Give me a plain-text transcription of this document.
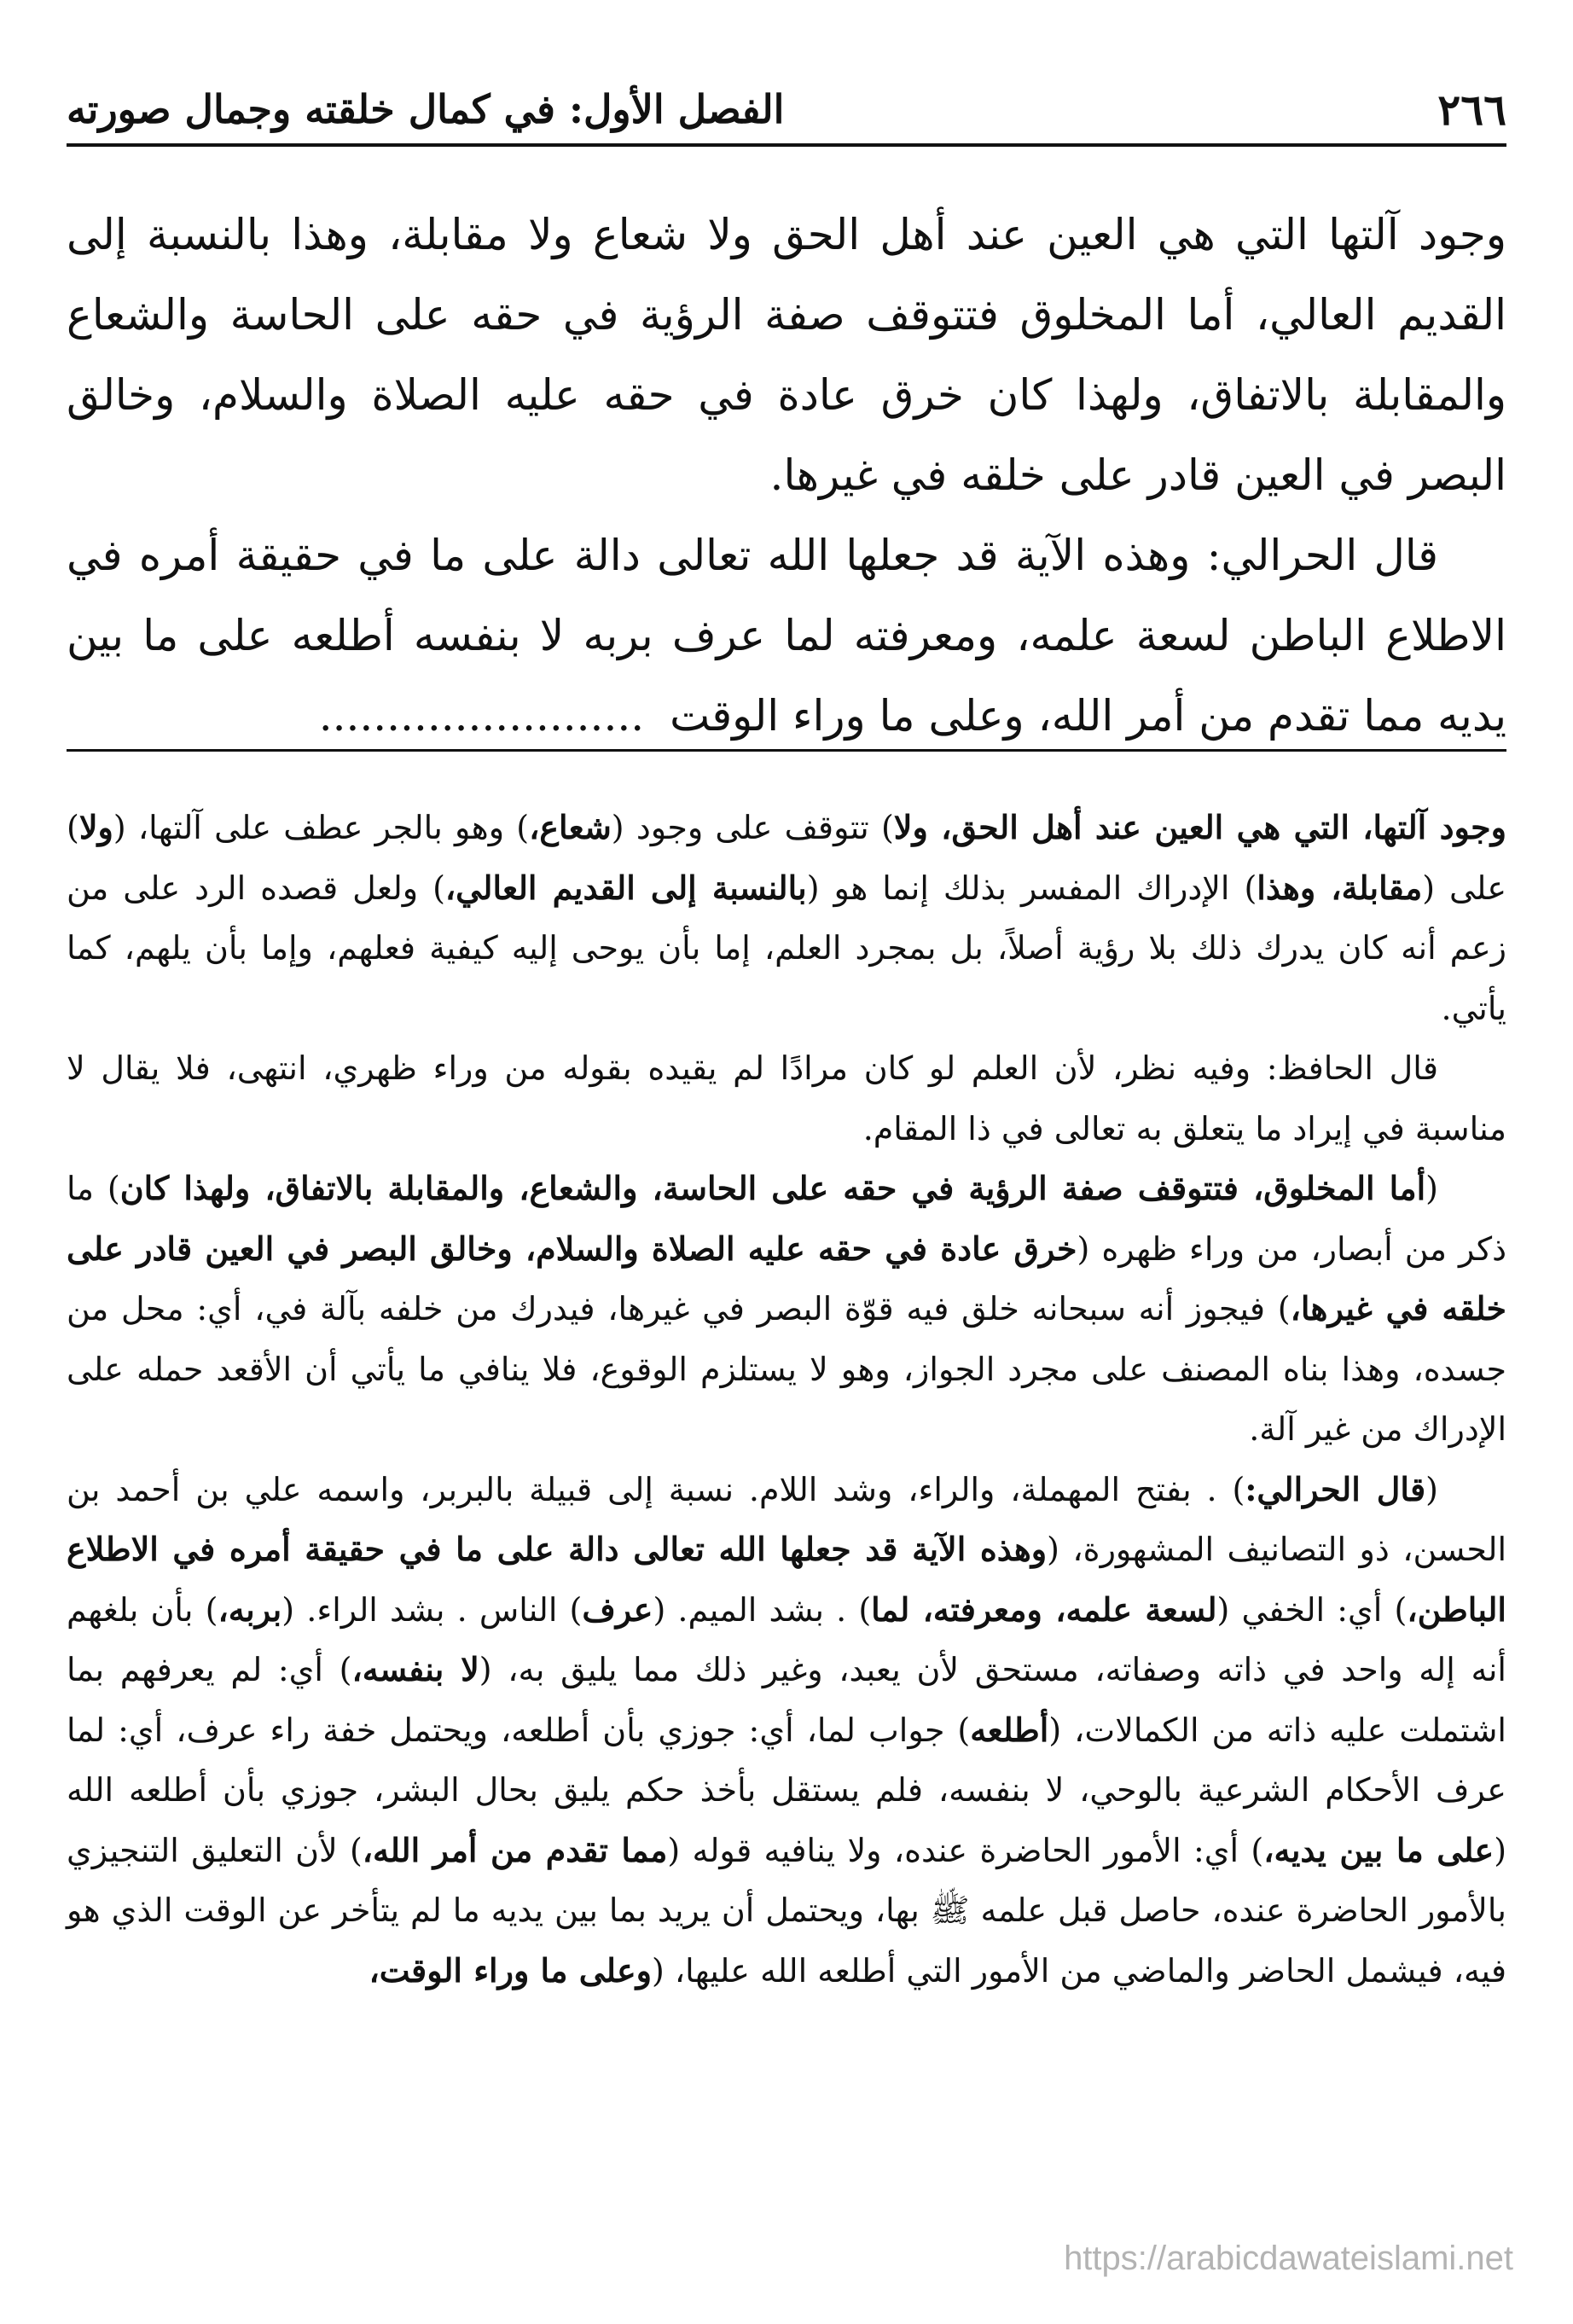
٢٦٦
الفصل الأول: في كمال خلقته وجمال صورته

وجود آلتها التي هي العين عند أهل الحق ولا شعاع ولا مقابلة، وهذا بالنسبة إلى القديم العالي، أما المخلوق فتتوقف صفة الرؤية في حقه على الحاسة والشعاع والمقابلة بالاتفاق، ولهذا كان خرق عادة في حقه عليه الصلاة والسلام، وخالق البصر في العين قادر على خلقه في غيرها.

قال الحرالي: وهذه الآية قد جعلها الله تعالى دالة على ما في حقيقة أمره في الاطلاع الباطن لسعة علمه، ومعرفته لما عرف بربه لا بنفسه أطلعه على ما بين يديه مما تقدم من أمر الله، وعلى ما وراء الوقت........................

وجود آلتها، التي هي العين عند أهل الحق، ولا) تتوقف على وجود (شعاع،) وهو بالجر عطف على آلتها، (ولا) على (مقابلة، وهذا) الإدراك المفسر بذلك إنما هو (بالنسبة إلى القديم العالي،) ولعل قصده الرد على من زعم أنه كان يدرك ذلك بلا رؤية أصلاً، بل بمجرد العلم، إما بأن يوحى إليه كيفية فعلهم، وإما بأن يلهم، كما يأتي.

قال الحافظ: وفيه نظر، لأن العلم لو كان مرادًا لم يقيده بقوله من وراء ظهري، انتهى، فلا يقال لا مناسبة في إيراد ما يتعلق به تعالى في ذا المقام.

(أما المخلوق، فتتوقف صفة الرؤية في حقه على الحاسة، والشعاع، والمقابلة بالاتفاق، ولهذا كان) ما ذكر من أبصار، من وراء ظهره (خرق عادة في حقه عليه الصلاة والسلام، وخالق البصر في العين قادر على خلقه في غيرها،) فيجوز أنه سبحانه خلق فيه قوّة البصر في غيرها، فيدرك من خلفه بآلة في، أي: محل من جسده، وهذا بناه المصنف على مجرد الجواز، وهو لا يستلزم الوقوع، فلا ينافي ما يأتي أن الأقعد حمله على الإدراك من غير آلة.

(قال الحرالي:) . بفتح المهملة، والراء، وشد اللام. نسبة إلى قبيلة بالبربر، واسمه علي بن أحمد بن الحسن، ذو التصانيف المشهورة، (وهذه الآية قد جعلها الله تعالى دالة على ما في حقيقة أمره في الاطلاع الباطن،) أي: الخفي (لسعة علمه، ومعرفته، لما) . بشد الميم. (عرف) الناس . بشد الراء. (بربه،) بأن بلغهم أنه إله واحد في ذاته وصفاته، مستحق لأن يعبد، وغير ذلك مما يليق به، (لا بنفسه،) أي: لم يعرفهم بما اشتملت عليه ذاته من الكمالات، (أطلعه) جواب لما، أي: جوزي بأن أطلعه، ويحتمل خفة راء عرف، أي: لما عرف الأحكام الشرعية بالوحي، لا بنفسه، فلم يستقل بأخذ حكم يليق بحال البشر، جوزي بأن أطلعه الله (على ما بين يديه،) أي: الأمور الحاضرة عنده، ولا ينافيه قوله (مما تقدم من أمر الله،) لأن التعليق التنجيزي بالأمور الحاضرة عنده، حاصل قبل علمه ﷺ بها، ويحتمل أن يريد بما بين يديه ما لم يتأخر عن الوقت الذي هو فيه، فيشمل الحاضر والماضي من الأمور التي أطلعه الله عليها، (وعلى ما وراء الوقت،

https://arabicdawateislami.net
